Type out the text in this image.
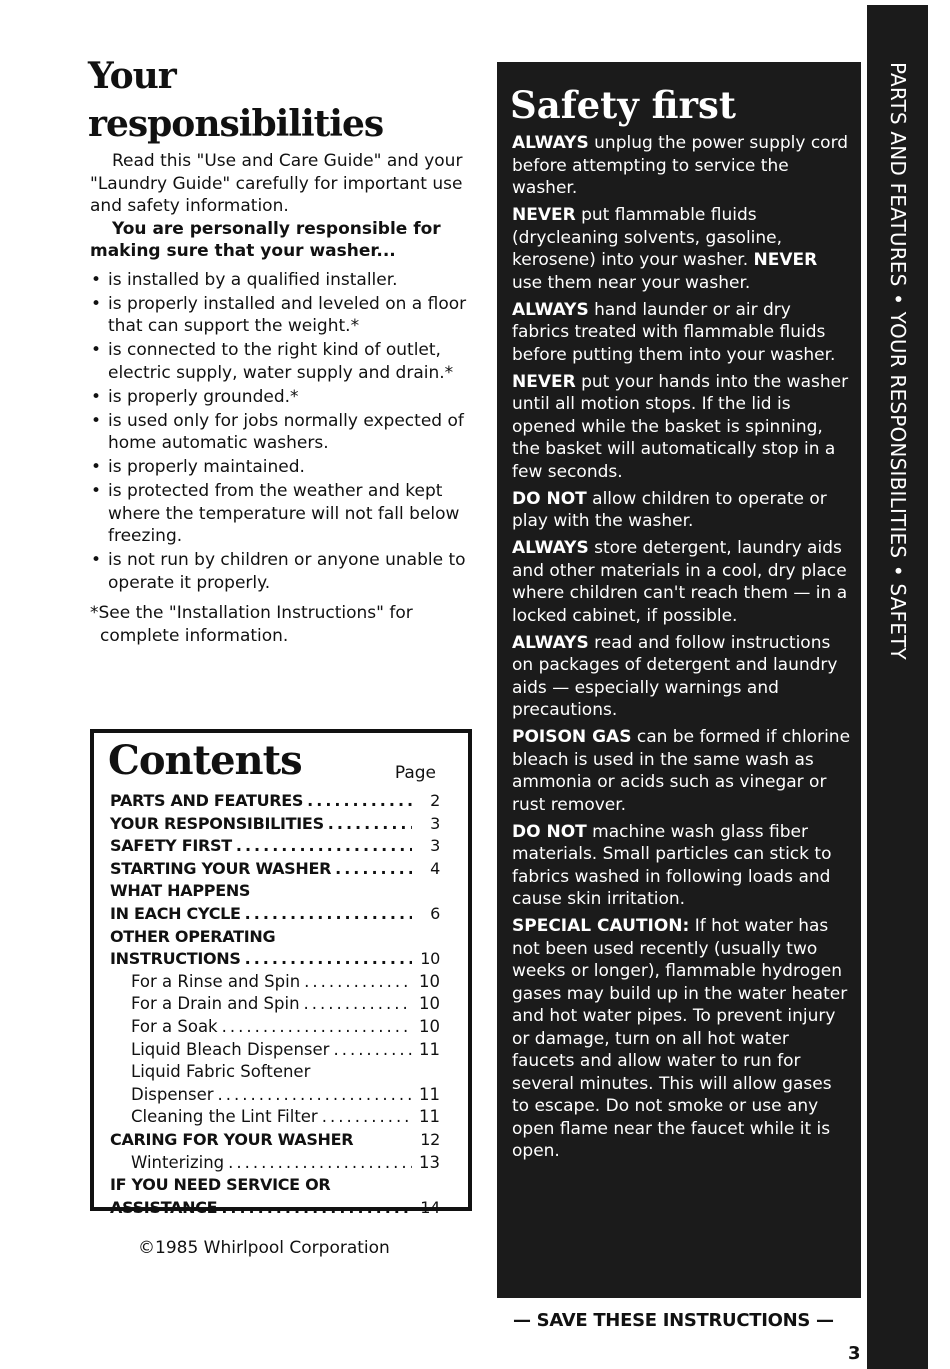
Your responsibilities

Read this "Use and Care Guide" and your "Laundry Guide" carefully for important use and safety information.

You are personally responsible for making sure that your washer...

• is installed by a qualified installer.
• is properly installed and leveled on a floor that can support the weight.*
• is connected to the right kind of outlet, electric supply, water supply and drain.*
• is properly grounded.*
• is used only for jobs normally expected of home automatic washers.
• is properly maintained.
• is protected from the weather and kept where the temperature will not fall below freezing.
• is not run by children or anyone unable to operate it properly.

*See the "Installation Instructions" for complete information.

Contents	Page
PARTS AND FEATURES .....	2
YOUR RESPONSIBILITIES .....	3
SAFETY FIRST .....	3
STARTING YOUR WASHER .....	4
WHAT HAPPENS
IN EACH CYCLE .....	6
OTHER OPERATING
INSTRUCTIONS .....	10
For a Rinse and Spin .....	10
For a Drain and Spin .....	10
For a Soak .....	10
Liquid Bleach Dispenser .....	11
Liquid Fabric Softener
Dispenser .....	11
Cleaning the Lint Filter .....	11
CARING FOR YOUR WASHER	12
Winterizing .....	13
IF YOU NEED SERVICE OR
ASSISTANCE .....	14
©1985 Whirlpool Corporation
Safety first

ALWAYS unplug the power supply cord before attempting to service the washer.

NEVER put flammable fluids (drycleaning solvents, gasoline, kerosene) into your washer. NEVER use them near your washer.

ALWAYS hand launder or air dry fabrics treated with flammable fluids before putting them into your washer.

NEVER put your hands into the washer until all motion stops. If the lid is opened while the basket is spinning, the basket will automatically stop in a few seconds.

DO NOT allow children to operate or play with the washer.

ALWAYS store detergent, laundry aids and other materials in a cool, dry place where children can't reach them — in a locked cabinet, if possible.

ALWAYS read and follow instructions on packages of detergent and laundry aids — especially warnings and precautions.

POISON GAS can be formed if chlorine bleach is used in the same wash as ammonia or acids such as vinegar or rust remover.

DO NOT machine wash glass fiber materials. Small particles can stick to fabrics washed in following loads and cause skin irritation.

SPECIAL CAUTION: If hot water has not been used recently (usually two weeks or longer), flammable hydrogen gases may build up in the water heater and hot water pipes. To prevent injury or damage, turn on all hot water faucets and allow water to run for several minutes. This will allow gases to escape. Do not smoke or use any open flame near the faucet while it is open.

— SAVE THESE INSTRUCTIONS —
3
PARTS AND FEATURES • YOUR RESPONSIBILITIES • SAFETY
